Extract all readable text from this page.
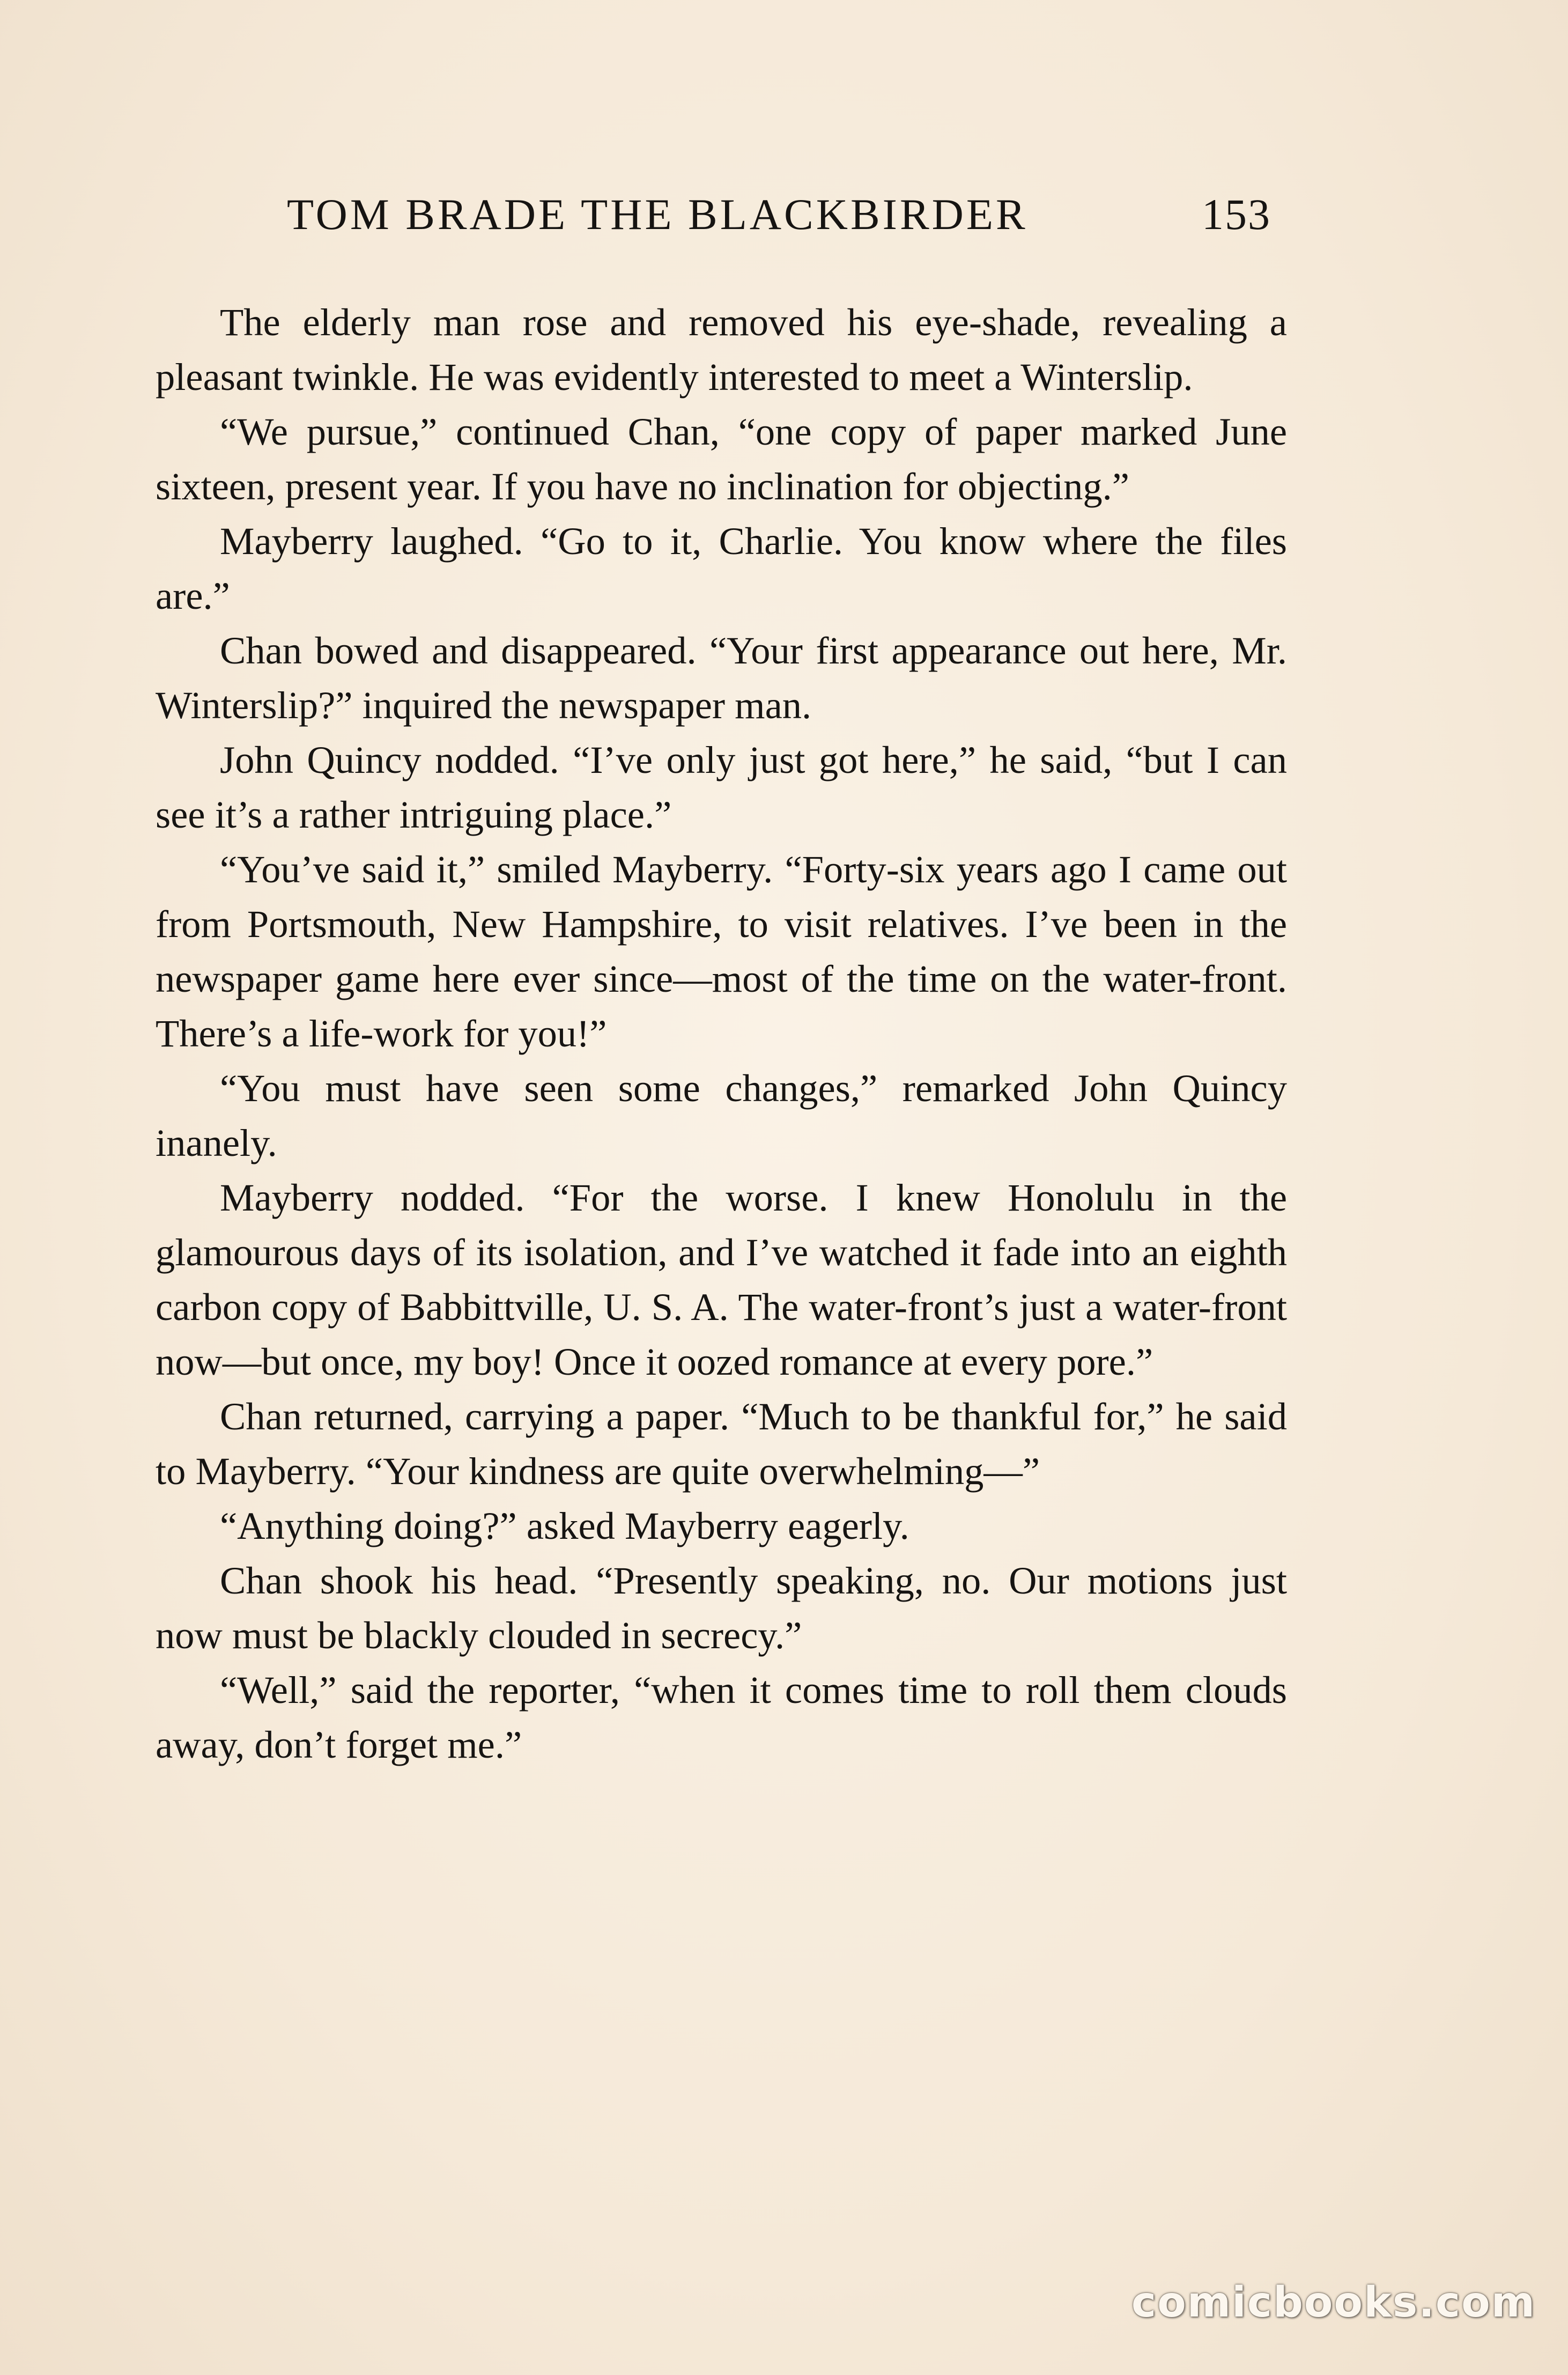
TOM BRADE THE BLACKBIRDER	153

The elderly man rose and removed his eye-shade, revealing a pleasant twinkle. He was evidently interested to meet a Winterslip.

“We pursue,” continued Chan, “one copy of paper marked June sixteen, present year. If you have no inclination for objecting.”

Mayberry laughed. “Go to it, Charlie. You know where the files are.”

Chan bowed and disappeared. “Your first appearance out here, Mr. Winterslip?” inquired the newspaper man.

John Quincy nodded. “I’ve only just got here,” he said, “but I can see it’s a rather intriguing place.”

“You’ve said it,” smiled Mayberry. “Forty-six years ago I came out from Portsmouth, New Hampshire, to visit relatives. I’ve been in the newspaper game here ever since—most of the time on the water-front. There’s a life-work for you!”

“You must have seen some changes,” remarked John Quincy inanely.

Mayberry nodded. “For the worse. I knew Honolulu in the glamourous days of its isolation, and I’ve watched it fade into an eighth carbon copy of Babbittville, U. S. A. The water-front’s just a water-front now—but once, my boy! Once it oozed romance at every pore.”

Chan returned, carrying a paper. “Much to be thankful for,” he said to Mayberry. “Your kindness are quite overwhelming—”

“Anything doing?” asked Mayberry eagerly.

Chan shook his head. “Presently speaking, no. Our motions just now must be blackly clouded in secrecy.”

“Well,” said the reporter, “when it comes time to roll them clouds away, don’t forget me.”

comicbooks.com
